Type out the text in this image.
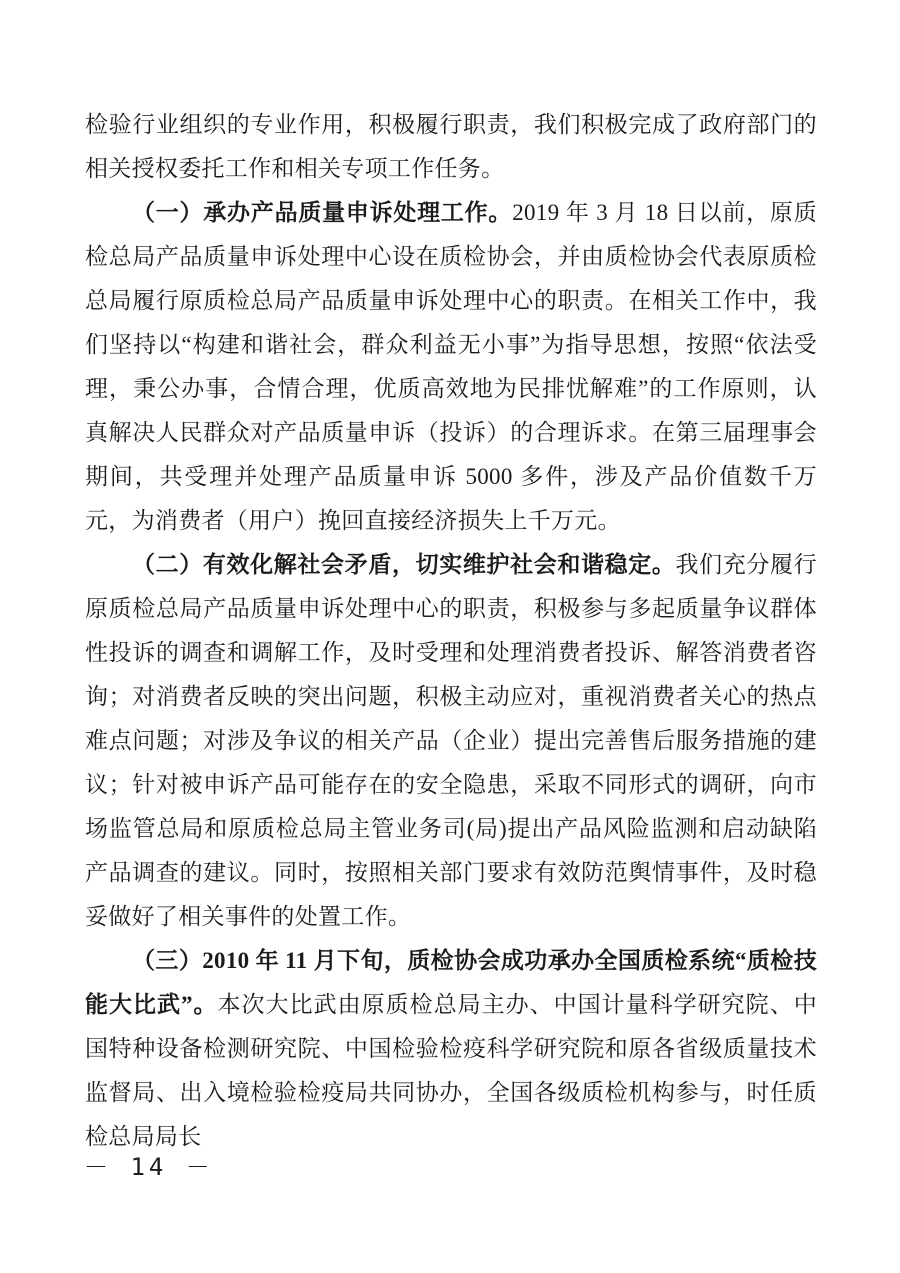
检验行业组织的专业作用，积极履行职责，我们积极完成了政府部门的相关授权委托工作和相关专项工作任务。

（一）承办产品质量申诉处理工作。2019 年 3 月 18 日以前，原质检总局产品质量申诉处理中心设在质检协会，并由质检协会代表原质检总局履行原质检总局产品质量申诉处理中心的职责。在相关工作中，我们坚持以“构建和谐社会，群众利益无小事”为指导思想，按照“依法受理，秉公办事，合情合理，优质高效地为民排忧解难”的工作原则，认真解决人民群众对产品质量申诉（投诉）的合理诉求。在第三届理事会期间，共受理并处理产品质量申诉 5000 多件，涉及产品价值数千万元，为消费者（用户）挽回直接经济损失上千万元。

（二）有效化解社会矛盾，切实维护社会和谐稳定。我们充分履行原质检总局产品质量申诉处理中心的职责，积极参与多起质量争议群体性投诉的调查和调解工作，及时受理和处理消费者投诉、解答消费者咨询；对消费者反映的突出问题，积极主动应对，重视消费者关心的热点难点问题；对涉及争议的相关产品（企业）提出完善售后服务措施的建议；针对被申诉产品可能存在的安全隐患，采取不同形式的调研，向市场监管总局和原质检总局主管业务司(局)提出产品风险监测和启动缺陷产品调查的建议。同时，按照相关部门要求有效防范舆情事件，及时稳妥做好了相关事件的处置工作。

（三）2010 年 11 月下旬，质检协会成功承办全国质检系统“质检技能大比武”。本次大比武由原质检总局主办、中国计量科学研究院、中国特种设备检测研究院、中国检验检疫科学研究院和原各省级质量技术监督局、出入境检验检疫局共同协办，全国各级质检机构参与，时任质检总局局长

－ 14 －
